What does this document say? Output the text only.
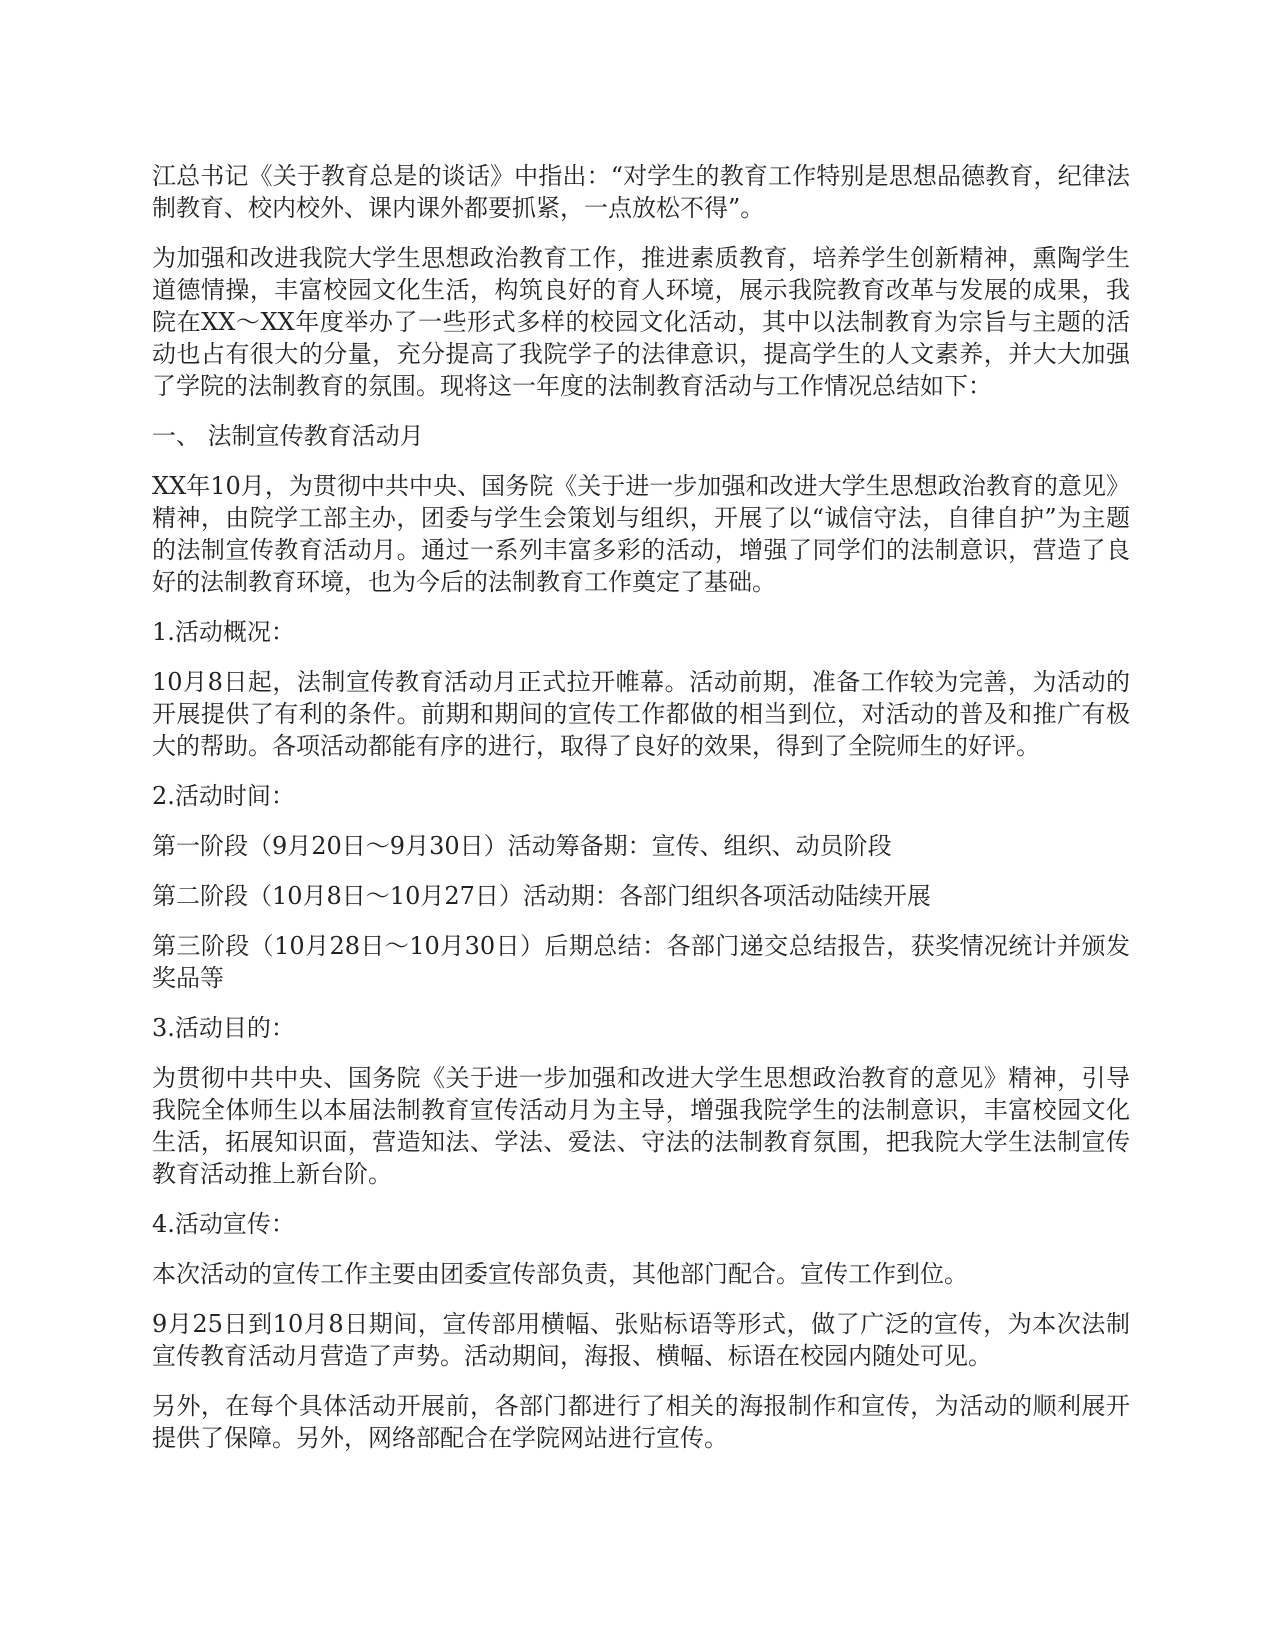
江总书记《关于教育总是的谈话》中指出：“对学生的教育工作特别是思想品德教育，纪律法制教育、校内校外、课内课外都要抓紧，一点放松不得”。

为加强和改进我院大学生思想政治教育工作，推进素质教育，培养学生创新精神，熏陶学生道德情操，丰富校园文化生活，构筑良好的育人环境，展示我院教育改革与发展的成果，我院在XX～XX年度举办了一些形式多样的校园文化活动，其中以法制教育为宗旨与主题的活动也占有很大的分量，充分提高了我院学子的法律意识，提高学生的人文素养，并大大加强了学院的法制教育的氛围。现将这一年度的法制教育活动与工作情况总结如下：

一、 法制宣传教育活动月

XX年10月，为贯彻中共中央、国务院《关于进一步加强和改进大学生思想政治教育的意见》精神，由院学工部主办，团委与学生会策划与组织，开展了以“诚信守法，自律自护”为主题的法制宣传教育活动月。通过一系列丰富多彩的活动，增强了同学们的法制意识，营造了良好的法制教育环境，也为今后的法制教育工作奠定了基础。

1.活动概况：

10月8日起，法制宣传教育活动月正式拉开帷幕。活动前期，准备工作较为完善，为活动的开展提供了有利的条件。前期和期间的宣传工作都做的相当到位，对活动的普及和推广有极大的帮助。各项活动都能有序的进行，取得了良好的效果，得到了全院师生的好评。

2.活动时间：

第一阶段（9月20日～9月30日）活动筹备期：宣传、组织、动员阶段

第二阶段（10月8日～10月27日）活动期：各部门组织各项活动陆续开展

第三阶段（10月28日～10月30日）后期总结：各部门递交总结报告，获奖情况统计并颁发奖品等

3.活动目的：

为贯彻中共中央、国务院《关于进一步加强和改进大学生思想政治教育的意见》精神，引导我院全体师生以本届法制教育宣传活动月为主导，增强我院学生的法制意识，丰富校园文化生活，拓展知识面，营造知法、学法、爱法、守法的法制教育氛围，把我院大学生法制宣传教育活动推上新台阶。

4.活动宣传：

本次活动的宣传工作主要由团委宣传部负责，其他部门配合。宣传工作到位。

9月25日到10月8日期间，宣传部用横幅、张贴标语等形式，做了广泛的宣传，为本次法制宣传教育活动月营造了声势。活动期间，海报、横幅、标语在校园内随处可见。

另外，在每个具体活动开展前，各部门都进行了相关的海报制作和宣传，为活动的顺利展开提供了保障。另外，网络部配合在学院网站进行宣传。
